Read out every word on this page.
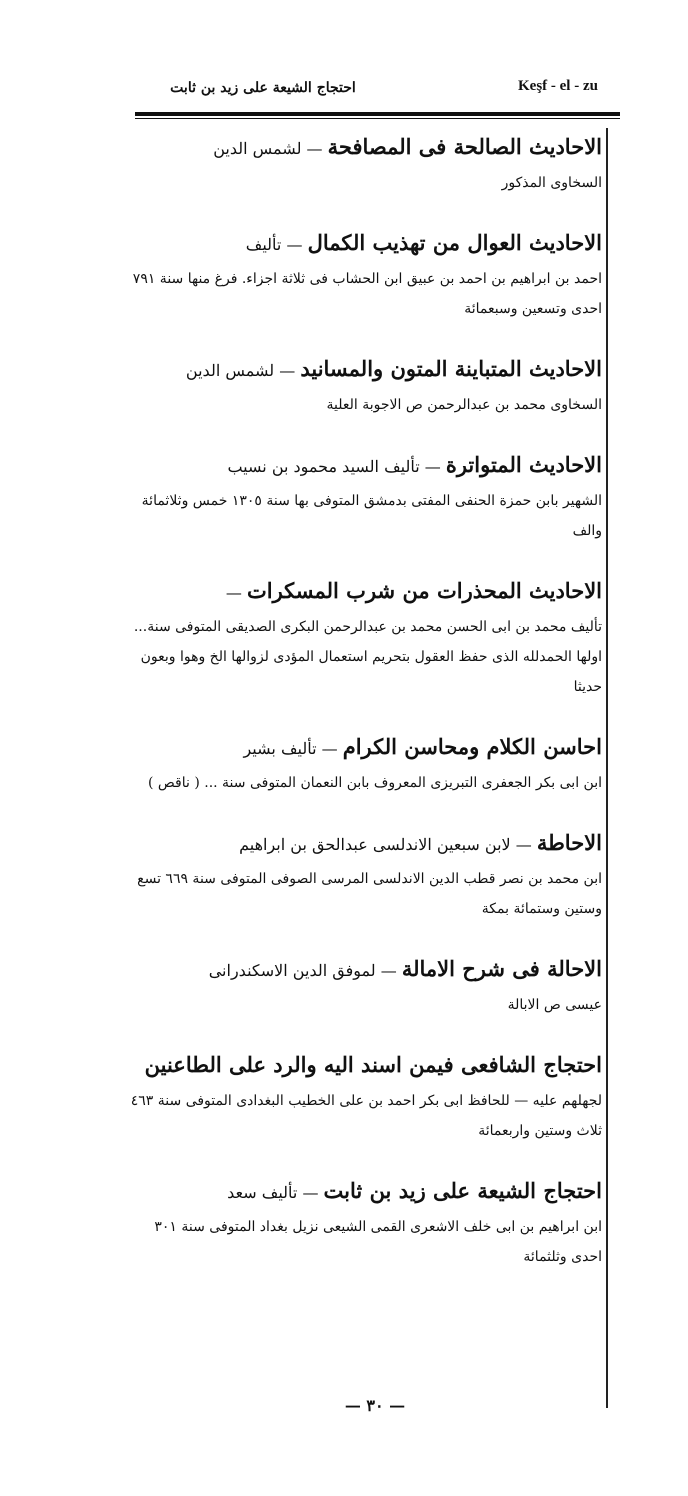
احتجاج الشيعة على زيد بن ثابت	Keşf - el - zu

الاحاديث الصالحة فى المصافحة — لشمس الدين

السخاوى المذكور

الاحاديث العوال من تهذيب الكمال — تأليف

احمد بن ابراهيم بن احمد بن عبيق ابن الحشاب فى ثلاثة اجزاء. فرغ منها سنة ٧٩١ احدى وتسعين وسبعمائة

الاحاديث المتباينة المتون والمسانيد — لشمس الدين

السخاوى محمد بن عبدالرحمن ص الاجوبة العلية

الاحاديث المتواترة — تأليف السيد محمود بن نسيب

الشهير بابن حمزة الحنفى المفتى بدمشق المتوفى بها سنة ١٣٠٥ خمس وثلاثمائة والف

الاحاديث المحذرات من شرب المسكرات —

تأليف محمد بن ابى الحسن محمد بن عبدالرحمن البكرى الصديقى المتوفى سنة... اولها الحمدلله الذى حفظ العقول بتحريم استعمال المؤدى لزوالها الخ وهوا وبعون حديثا

احاسن الكلام ومحاسن الكرام — تأليف بشير

ابن ابى بكر الجعفرى التبريزى المعروف بابن النعمان المتوفى سنة ... ( ناقص )

الاحاطة — لابن سبعين الاندلسى عبدالحق بن ابراهيم

ابن محمد بن نصر قطب الدين الاندلسى المرسى الصوفى المتوفى سنة ٦٦٩ تسع وستين وستمائة بمكة

الاحالة فى شرح الامالة — لموفق الدين الاسكندرانى

عيسى ص الابالة

احتجاج الشافعى فيمن اسند اليه والرد على الطاعنين

لجهلهم عليه — للحافظ ابى بكر احمد بن على الخطيب البغدادى المتوفى سنة ٤٦٣ ثلاث وستين واربعمائة

احتجاج الشيعة على زيد بن ثابت — تأليف سعد

ابن ابراهيم بن ابى خلف الاشعرى القمى الشيعى نزيل بغداد المتوفى سنة ٣٠١ احدى وثلثمائة

— ٣٠ —
